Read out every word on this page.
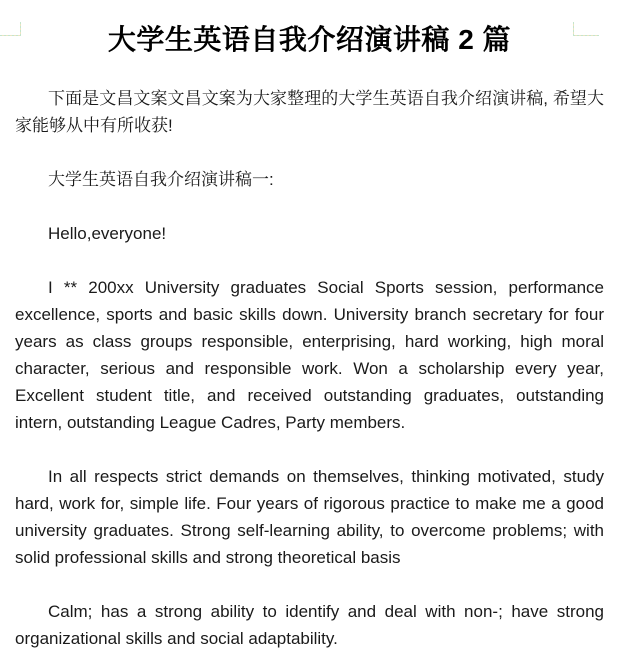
大学生英语自我介绍演讲稿 2 篇

下面是文昌文案文昌文案为大家整理的大学生英语自我介绍演讲稿, 希望大家能够从中有所收获!

大学生英语自我介绍演讲稿一:

Hello,everyone!

I ** 200xx University graduates Social Sports session, performance excellence, sports and basic skills down. University branch secretary for four years as class groups responsible, enterprising, hard working, high moral character, serious and responsible work. Won a scholarship every year, Excellent student title, and received outstanding graduates, outstanding intern, outstanding League Cadres, Party members.

In all respects strict demands on themselves, thinking motivated, study hard, work for, simple life. Four years of rigorous practice to make me a good university graduates. Strong self-learning ability, to overcome problems; with solid professional skills and strong theoretical basis

Calm; has a strong ability to identify and deal with non-; have strong organizational skills and social adaptability.
